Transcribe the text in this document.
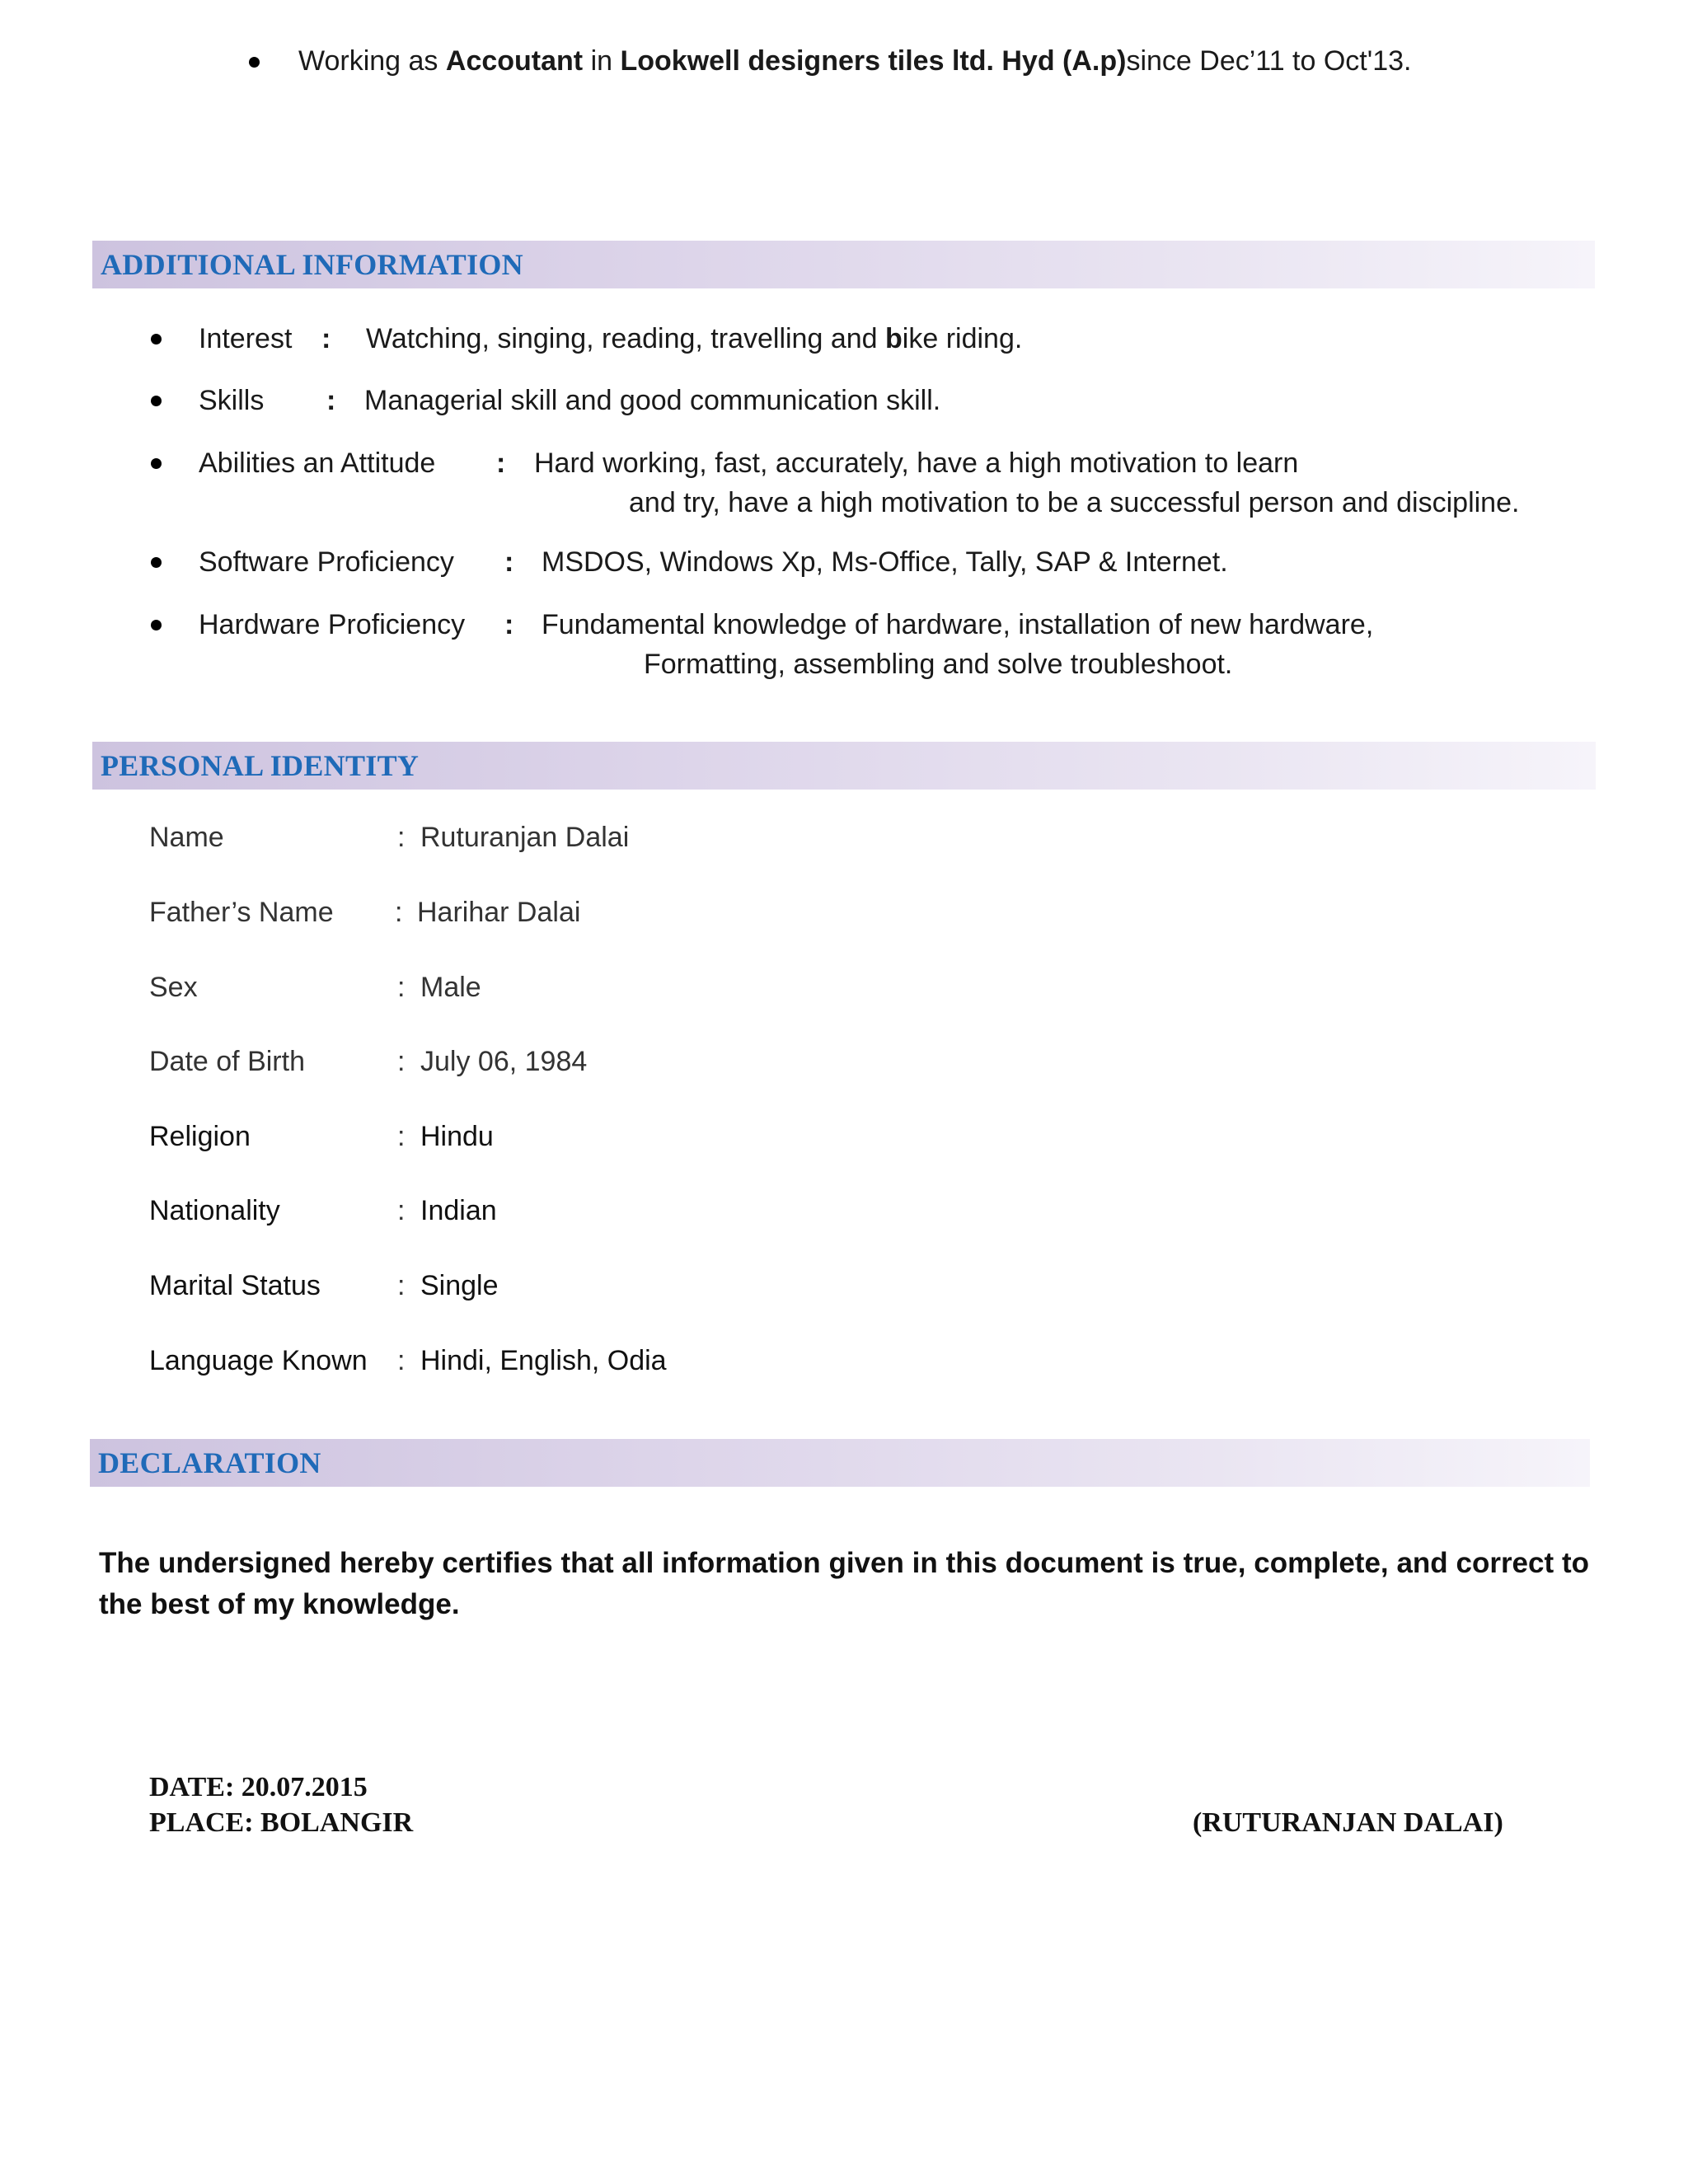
Working as Accoutant in Lookwell designers tiles ltd. Hyd (A.p)since Dec’11 to Oct'13.
ADDITIONAL INFORMATION
Interest : Watching, singing, reading, travelling and bike riding.
Skills : Managerial skill and good communication skill.
Abilities an Attitude : Hard working, fast, accurately, have a high motivation to learn
and try, have a high motivation to be a successful person and discipline.
Software Proficiency : MSDOS, Windows Xp, Ms-Office, Tally, SAP & Internet.
Hardware Proficiency : Fundamental knowledge of hardware, installation of new hardware,
Formatting, assembling and solve troubleshoot.
PERSONAL IDENTITY
Name	: Ruturanjan Dalai
Father’s Name : Harihar Dalai
Sex	: Male
Date of Birth	: July 06, 1984
Religion	: Hindu
Nationality	: Indian
Marital Status	: Single
Language Known : Hindi, English, Odia
DECLARATION
The undersigned hereby certifies that all information given in this document is true, complete, and correct to the best of my knowledge.
DATE: 20.07.2015
PLACE: BOLANGIR	(RUTURANJAN DALAI)
